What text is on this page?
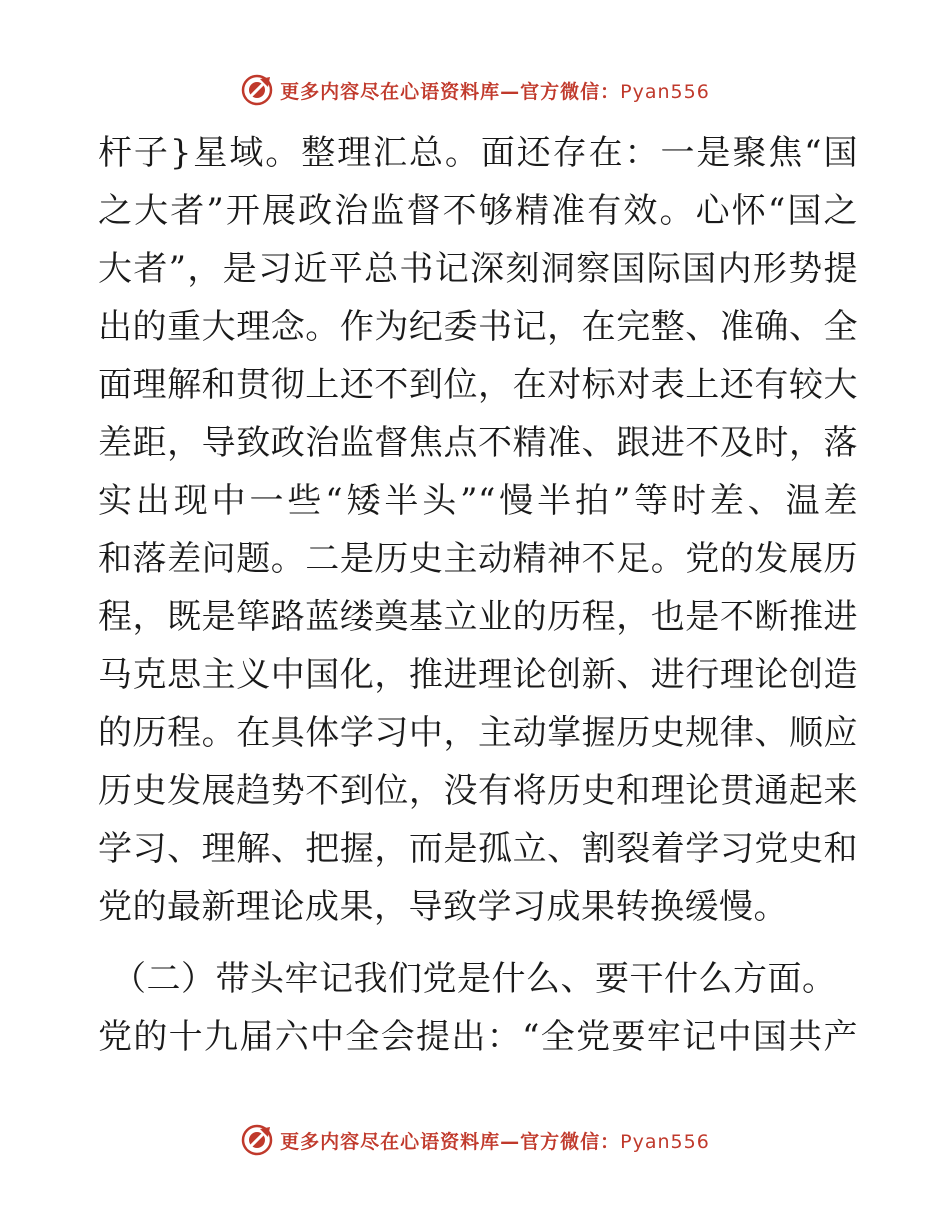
更多内容尽在心语资料库—官方微信：Pyan556
杆子}星域。整理汇总。面还存在：一是聚焦“国
之大者”开展政治监督不够精准有效。心怀“国之
大者”，是习近平总书记深刻洞察国际国内形势提
出的重大理念。作为纪委书记，在完整、准确、全
面理解和贯彻上还不到位，在对标对表上还有较大
差距，导致政治监督焦点不精准、跟进不及时，落
实出现中一些“矮半头”“慢半拍”等时差、温差
和落差问题。二是历史主动精神不足。党的发展历
程，既是筚路蓝缕奠基立业的历程，也是不断推进
马克思主义中国化，推进理论创新、进行理论创造
的历程。在具体学习中，主动掌握历史规律、顺应
历史发展趋势不到位，没有将历史和理论贯通起来
学习、理解、把握，而是孤立、割裂着学习党史和
党的最新理论成果，导致学习成果转换缓慢。
（二）带头牢记我们党是什么、要干什么方面。
党的十九届六中全会提出：“全党要牢记中国共产
更多内容尽在心语资料库—官方微信：Pyan556
